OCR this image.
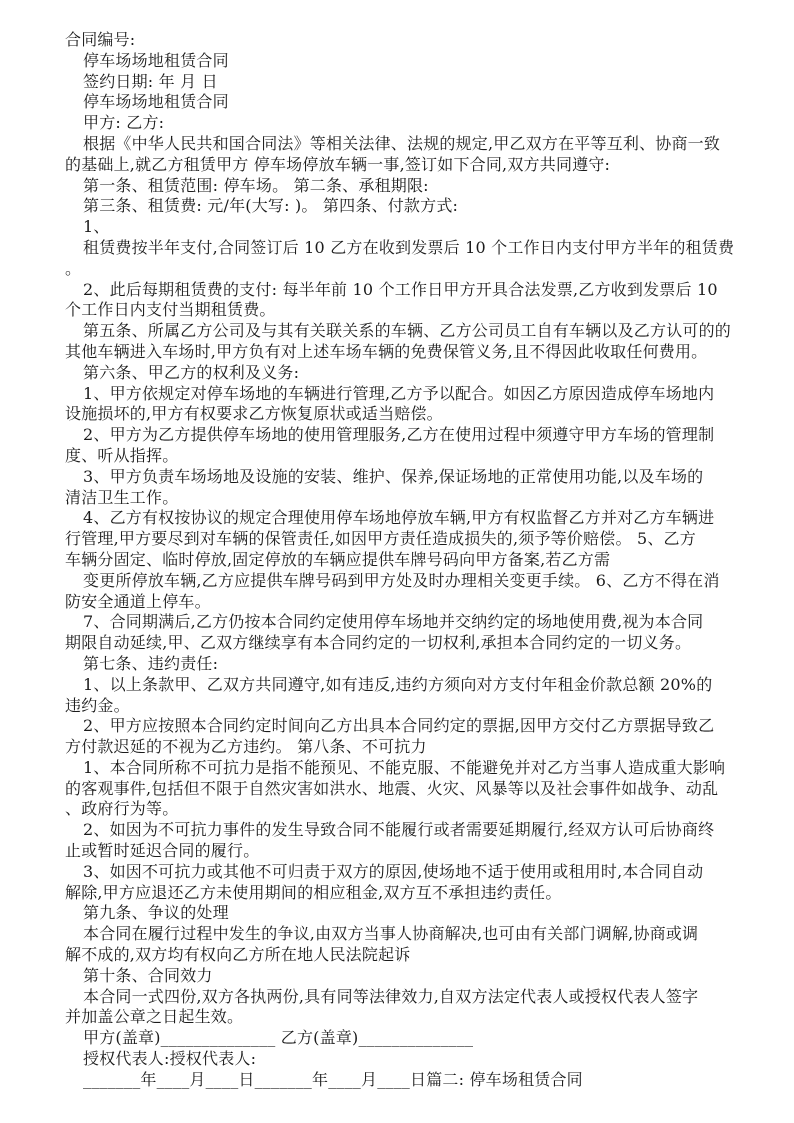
合同编号:
停车场场地租赁合同
签约日期: 年 月 日
停车场场地租赁合同
甲方: 乙方:
根据《中华人民共和国合同法》等相关法律、法规的规定,甲乙双方在平等互利、协商一致
的基础上,就乙方租赁甲方 停车场停放车辆一事,签订如下合同,双方共同遵守:
第一条、租赁范围: 停车场。 第二条、承租期限:
第三条、租赁费: 元/年(大写: )。 第四条、付款方式:
1、
租赁费按半年支付,合同签订后 10 乙方在收到发票后 10 个工作日内支付甲方半年的租赁费
。
2、此后每期租赁费的支付: 每半年前 10 个工作日甲方开具合法发票,乙方收到发票后 10
个工作日内支付当期租赁费。
第五条、所属乙方公司及与其有关联关系的车辆、乙方公司员工自有车辆以及乙方认可的的
其他车辆进入车场时,甲方负有对上述车场车辆的免费保管义务,且不得因此收取任何费用。
第六条、甲乙方的权利及义务:
1、甲方依规定对停车场地的车辆进行管理,乙方予以配合。如因乙方原因造成停车场地内
设施损坏的,甲方有权要求乙方恢复原状或适当赔偿。
2、甲方为乙方提供停车场地的使用管理服务,乙方在使用过程中须遵守甲方车场的管理制
度、听从指挥。
3、甲方负责车场场地及设施的安装、维护、保养,保证场地的正常使用功能,以及车场的
清洁卫生工作。
4、乙方有权按协议的规定合理使用停车场地停放车辆,甲方有权监督乙方并对乙方车辆进
行管理,甲方要尽到对车辆的保管责任,如因甲方责任造成损失的,须予等价赔偿。 5、乙方
车辆分固定、临时停放,固定停放的车辆应提供车牌号码向甲方备案,若乙方需
变更所停放车辆,乙方应提供车牌号码到甲方处及时办理相关变更手续。 6、乙方不得在消
防安全通道上停车。
7、合同期满后,乙方仍按本合同约定使用停车场地并交纳约定的场地使用费,视为本合同
期限自动延续,甲、乙双方继续享有本合同约定的一切权利,承担本合同约定的一切义务。
第七条、违约责任:
1、以上条款甲、乙双方共同遵守,如有违反,违约方须向对方支付年租金价款总额 20%的
违约金。
2、甲方应按照本合同约定时间向乙方出具本合同约定的票据,因甲方交付乙方票据导致乙
方付款迟延的不视为乙方违约。 第八条、不可抗力
1、本合同所称不可抗力是指不能预见、不能克服、不能避免并对乙方当事人造成重大影响
的客观事件,包括但不限于自然灾害如洪水、地震、火灾、风暴等以及社会事件如战争、动乱
、政府行为等。
2、如因为不可抗力事件的发生导致合同不能履行或者需要延期履行,经双方认可后协商终
止或暂时延迟合同的履行。
3、如因不可抗力或其他不可归责于双方的原因,使场地不适于使用或租用时,本合同自动
解除,甲方应退还乙方未使用期间的相应租金,双方互不承担违约责任。
第九条、争议的处理
本合同在履行过程中发生的争议,由双方当事人协商解决,也可由有关部门调解,协商或调
解不成的,双方均有权向乙方所在地人民法院起诉
第十条、合同效力
本合同一式四份,双方各执两份,具有同等法律效力,自双方法定代表人或授权代表人签字
并加盖公章之日起生效。
甲方(盖章)______________ 乙方(盖章)______________
授权代表人:授权代表人:
_______年____月____日_______年____月____日篇二: 停车场租赁合同
